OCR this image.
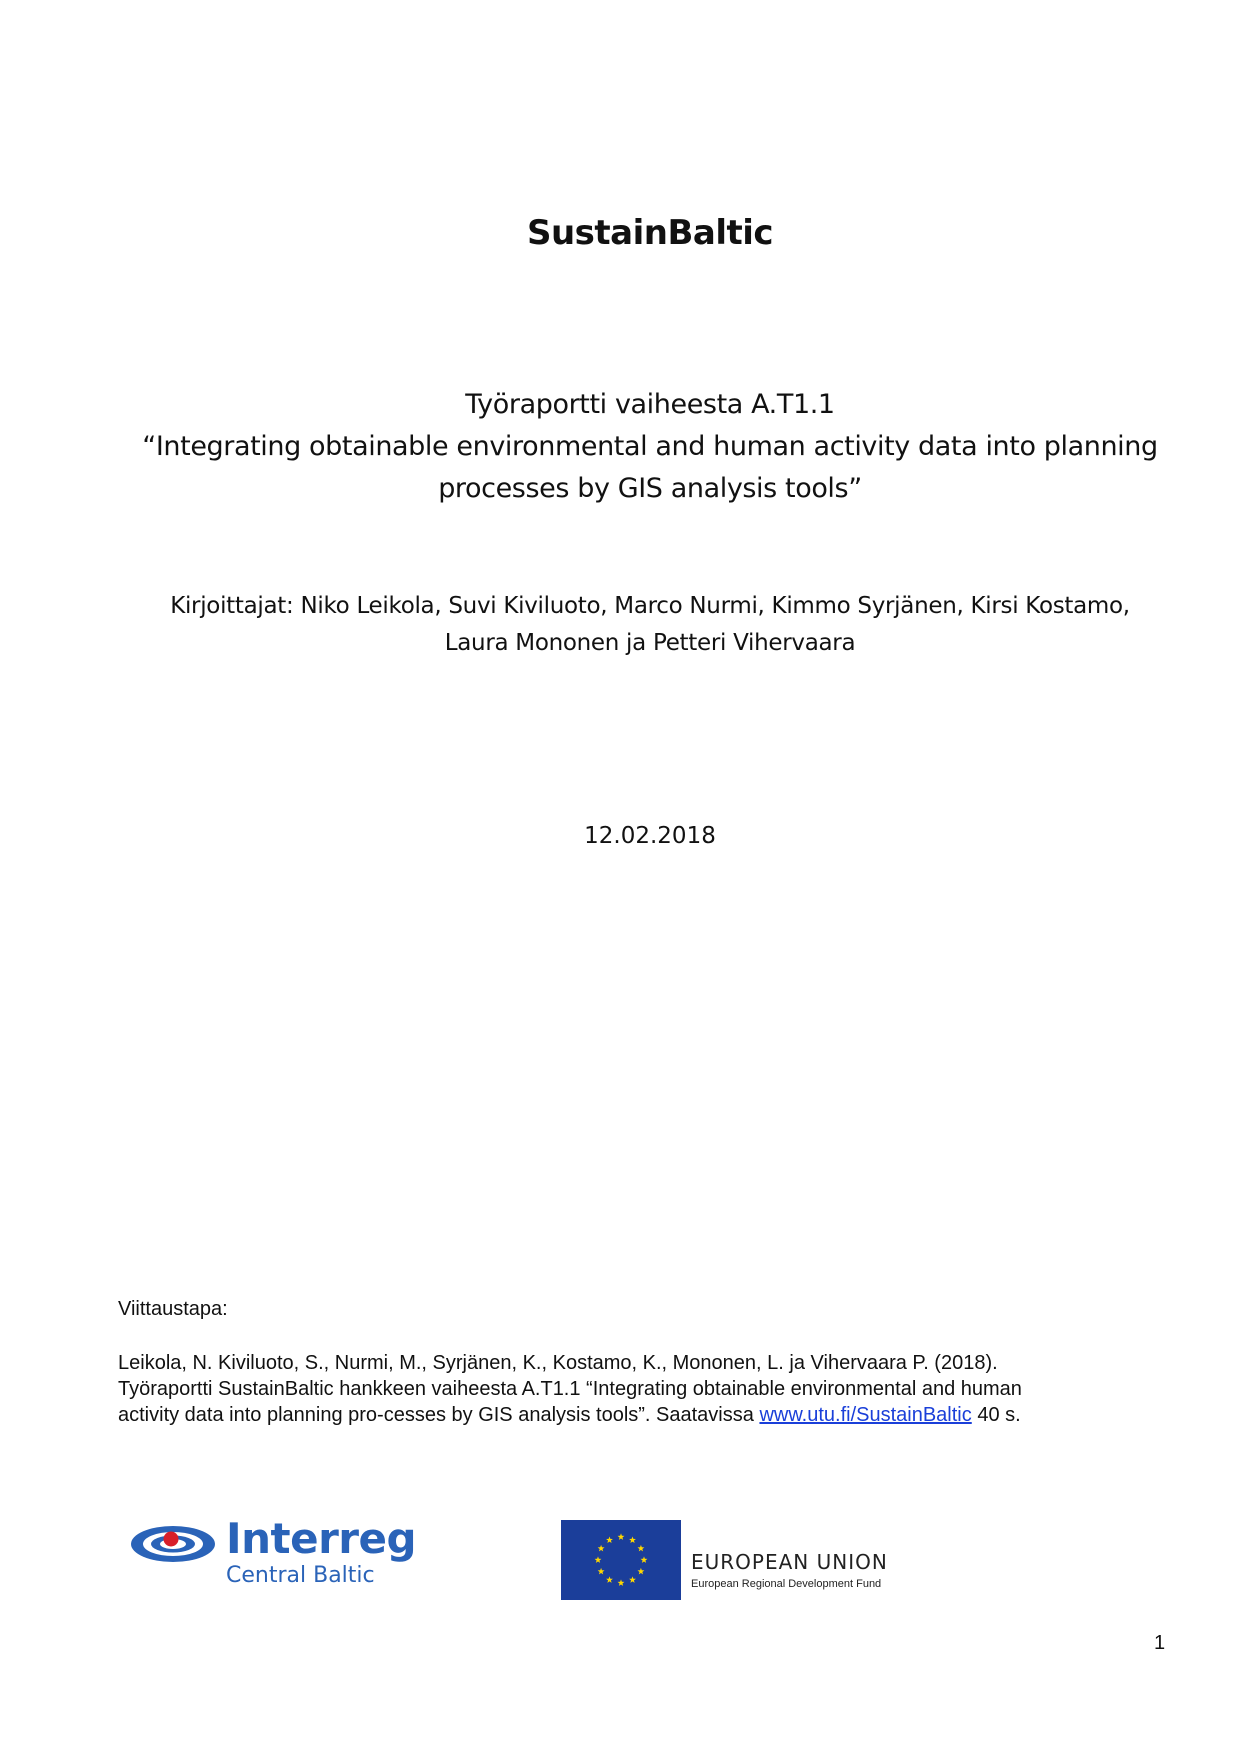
SustainBaltic
Työraportti vaiheesta A.T1.1
“Integrating obtainable environmental and human activity data into planning
processes by GIS analysis tools”
Kirjoittajat: Niko Leikola, Suvi Kiviluoto, Marco Nurmi, Kimmo Syrjänen, Kirsi Kostamo,
Laura Mononen ja Petteri Vihervaara
12.02.2018
Viittaustapa:
Leikola, N. Kiviluoto, S., Nurmi, M., Syrjänen, K., Kostamo, K., Mononen, L. ja Vihervaara P. (2018).
Työraportti SustainBaltic hankkeen vaiheesta A.T1.1 “Integrating obtainable environmental and human
activity data into planning pro-cesses by GIS analysis tools”. Saatavissa www.utu.fi/SustainBaltic 40 s.
Interreg
Central Baltic
EUROPEAN UNION
European Regional Development Fund
1
